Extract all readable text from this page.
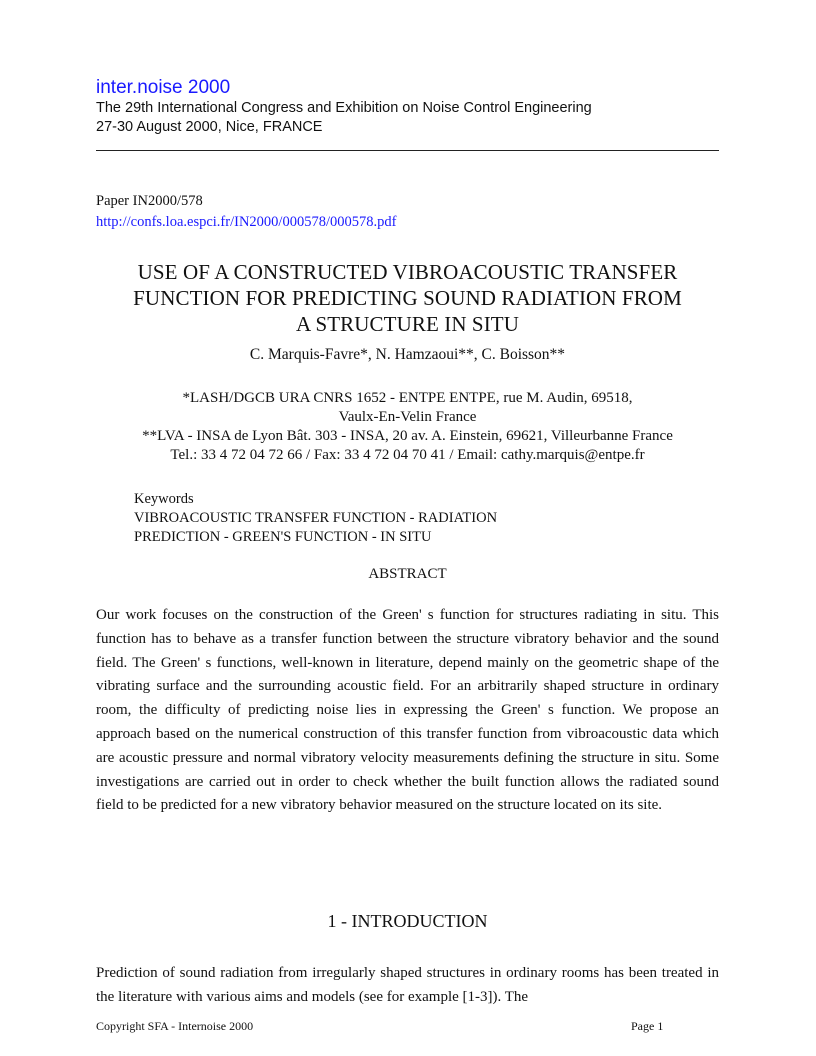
inter.noise 2000
The 29th International Congress and Exhibition on Noise Control Engineering
27-30 August 2000, Nice, FRANCE
Paper IN2000/578
http://confs.loa.espci.fr/IN2000/000578/000578.pdf
USE OF A CONSTRUCTED VIBROACOUSTIC TRANSFER
FUNCTION FOR PREDICTING SOUND RADIATION FROM
A STRUCTURE IN SITU
C. Marquis-Favre*, N. Hamzaoui**, C. Boisson**
*LASH/DGCB URA CNRS 1652 - ENTPE ENTPE, rue M. Audin, 69518,
Vaulx-En-Velin France
**LVA - INSA de Lyon Bât. 303 - INSA, 20 av. A. Einstein, 69621, Villeurbanne France
Tel.: 33 4 72 04 72 66 / Fax: 33 4 72 04 70 41 / Email: cathy.marquis@entpe.fr
Keywords
VIBROACOUSTIC TRANSFER FUNCTION - RADIATION
PREDICTION - GREEN'S FUNCTION - IN SITU
ABSTRACT

Our work focuses on the construction of the Green' s function for structures radiating in situ. This function has to behave as a transfer function between the structure vibratory behavior and the sound field. The Green' s functions, well-known in literature, depend mainly on the geometric shape of the vibrating surface and the surrounding acoustic field. For an arbitrarily shaped structure in ordinary room, the difficulty of predicting noise lies in expressing the Green' s function. We propose an approach based on the numerical construction of this transfer function from vibroacoustic data which are acoustic pressure and normal vibratory velocity measurements defining the structure in situ. Some investigations are carried out in order to check whether the built function allows the radiated sound field to be predicted for a new vibratory behavior measured on the structure located on its site.

1 - INTRODUCTION

Prediction of sound radiation from irregularly shaped structures in ordinary rooms has been treated in the literature with various aims and models (see for example [1-3]). The

Copyright SFA - Internoise 2000	Page 1
